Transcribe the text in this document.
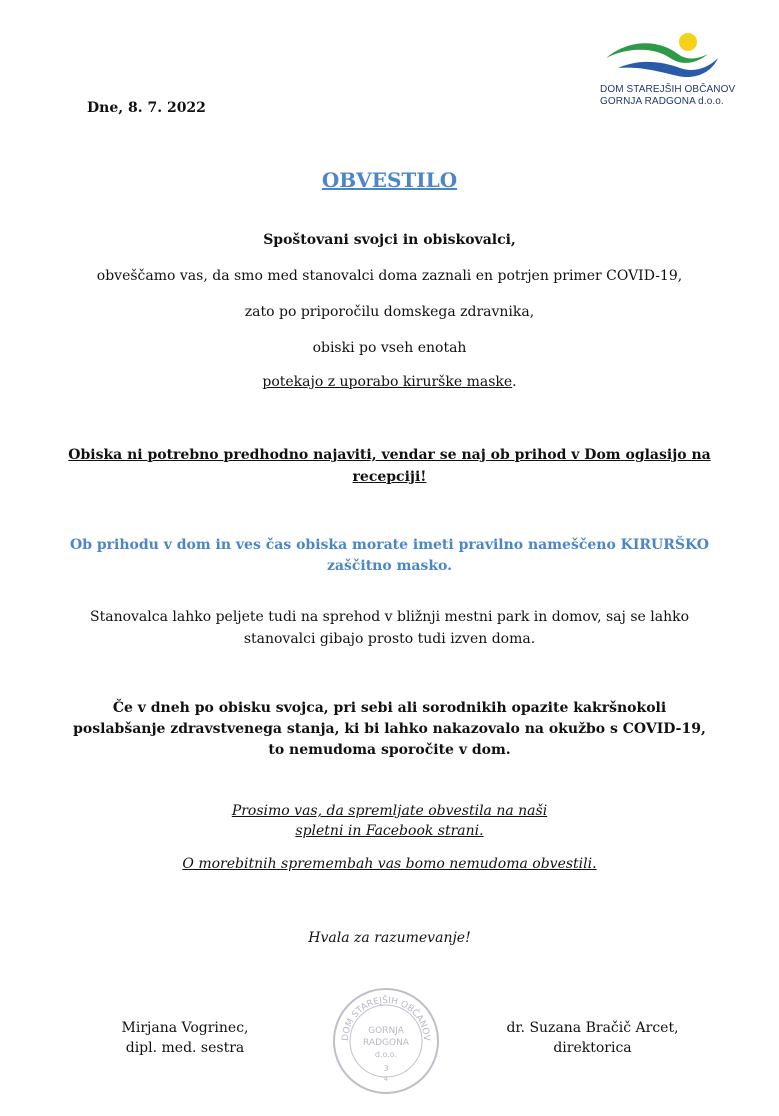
DOM STAREJŠIH OBČANOV
GORNJA RADGONA d.o.o.
Dne, 8. 7. 2022
OBVESTILO

Spoštovani svojci in obiskovalci,

obveščamo vas, da smo med stanovalci doma zaznali en potrjen primer COVID-19,

zato po priporočilu domskega zdravnika,

obiski po vseh enotah

potekajo z uporabo kirurške maske.

Obiska ni potrebno predhodno najaviti, vendar se naj ob prihod v Dom oglasijo na
recepciji!
Ob prihodu v dom in ves čas obiska morate imeti pravilno nameščeno KIRURŠKO
zaščitno masko.
Stanovalca lahko peljete tudi na sprehod v bližnji mestni park in domov, saj se lahko
stanovalci gibajo prosto tudi izven doma.
Če v dneh po obisku svojca, pri sebi ali sorodnikih opazite kakršnokoli
poslabšanje zdravstvenega stanja, ki bi lahko nakazovalo na okužbo s COVID-19,
to nemudoma sporočite v dom.
Prosimo vas, da spremljate obvestila na naši
spletni in Facebook strani.
O morebitnih spremembah vas bomo nemudoma obvestili.
Hvala za razumevanje!
Mirjana Vogrinec,
dipl. med. sestra
dr. Suzana Bračič Arcet,
direktorica
DOM STAREJŠIH OBČANOV
GORNJA
RADGONA
d.o.o.
3
4
